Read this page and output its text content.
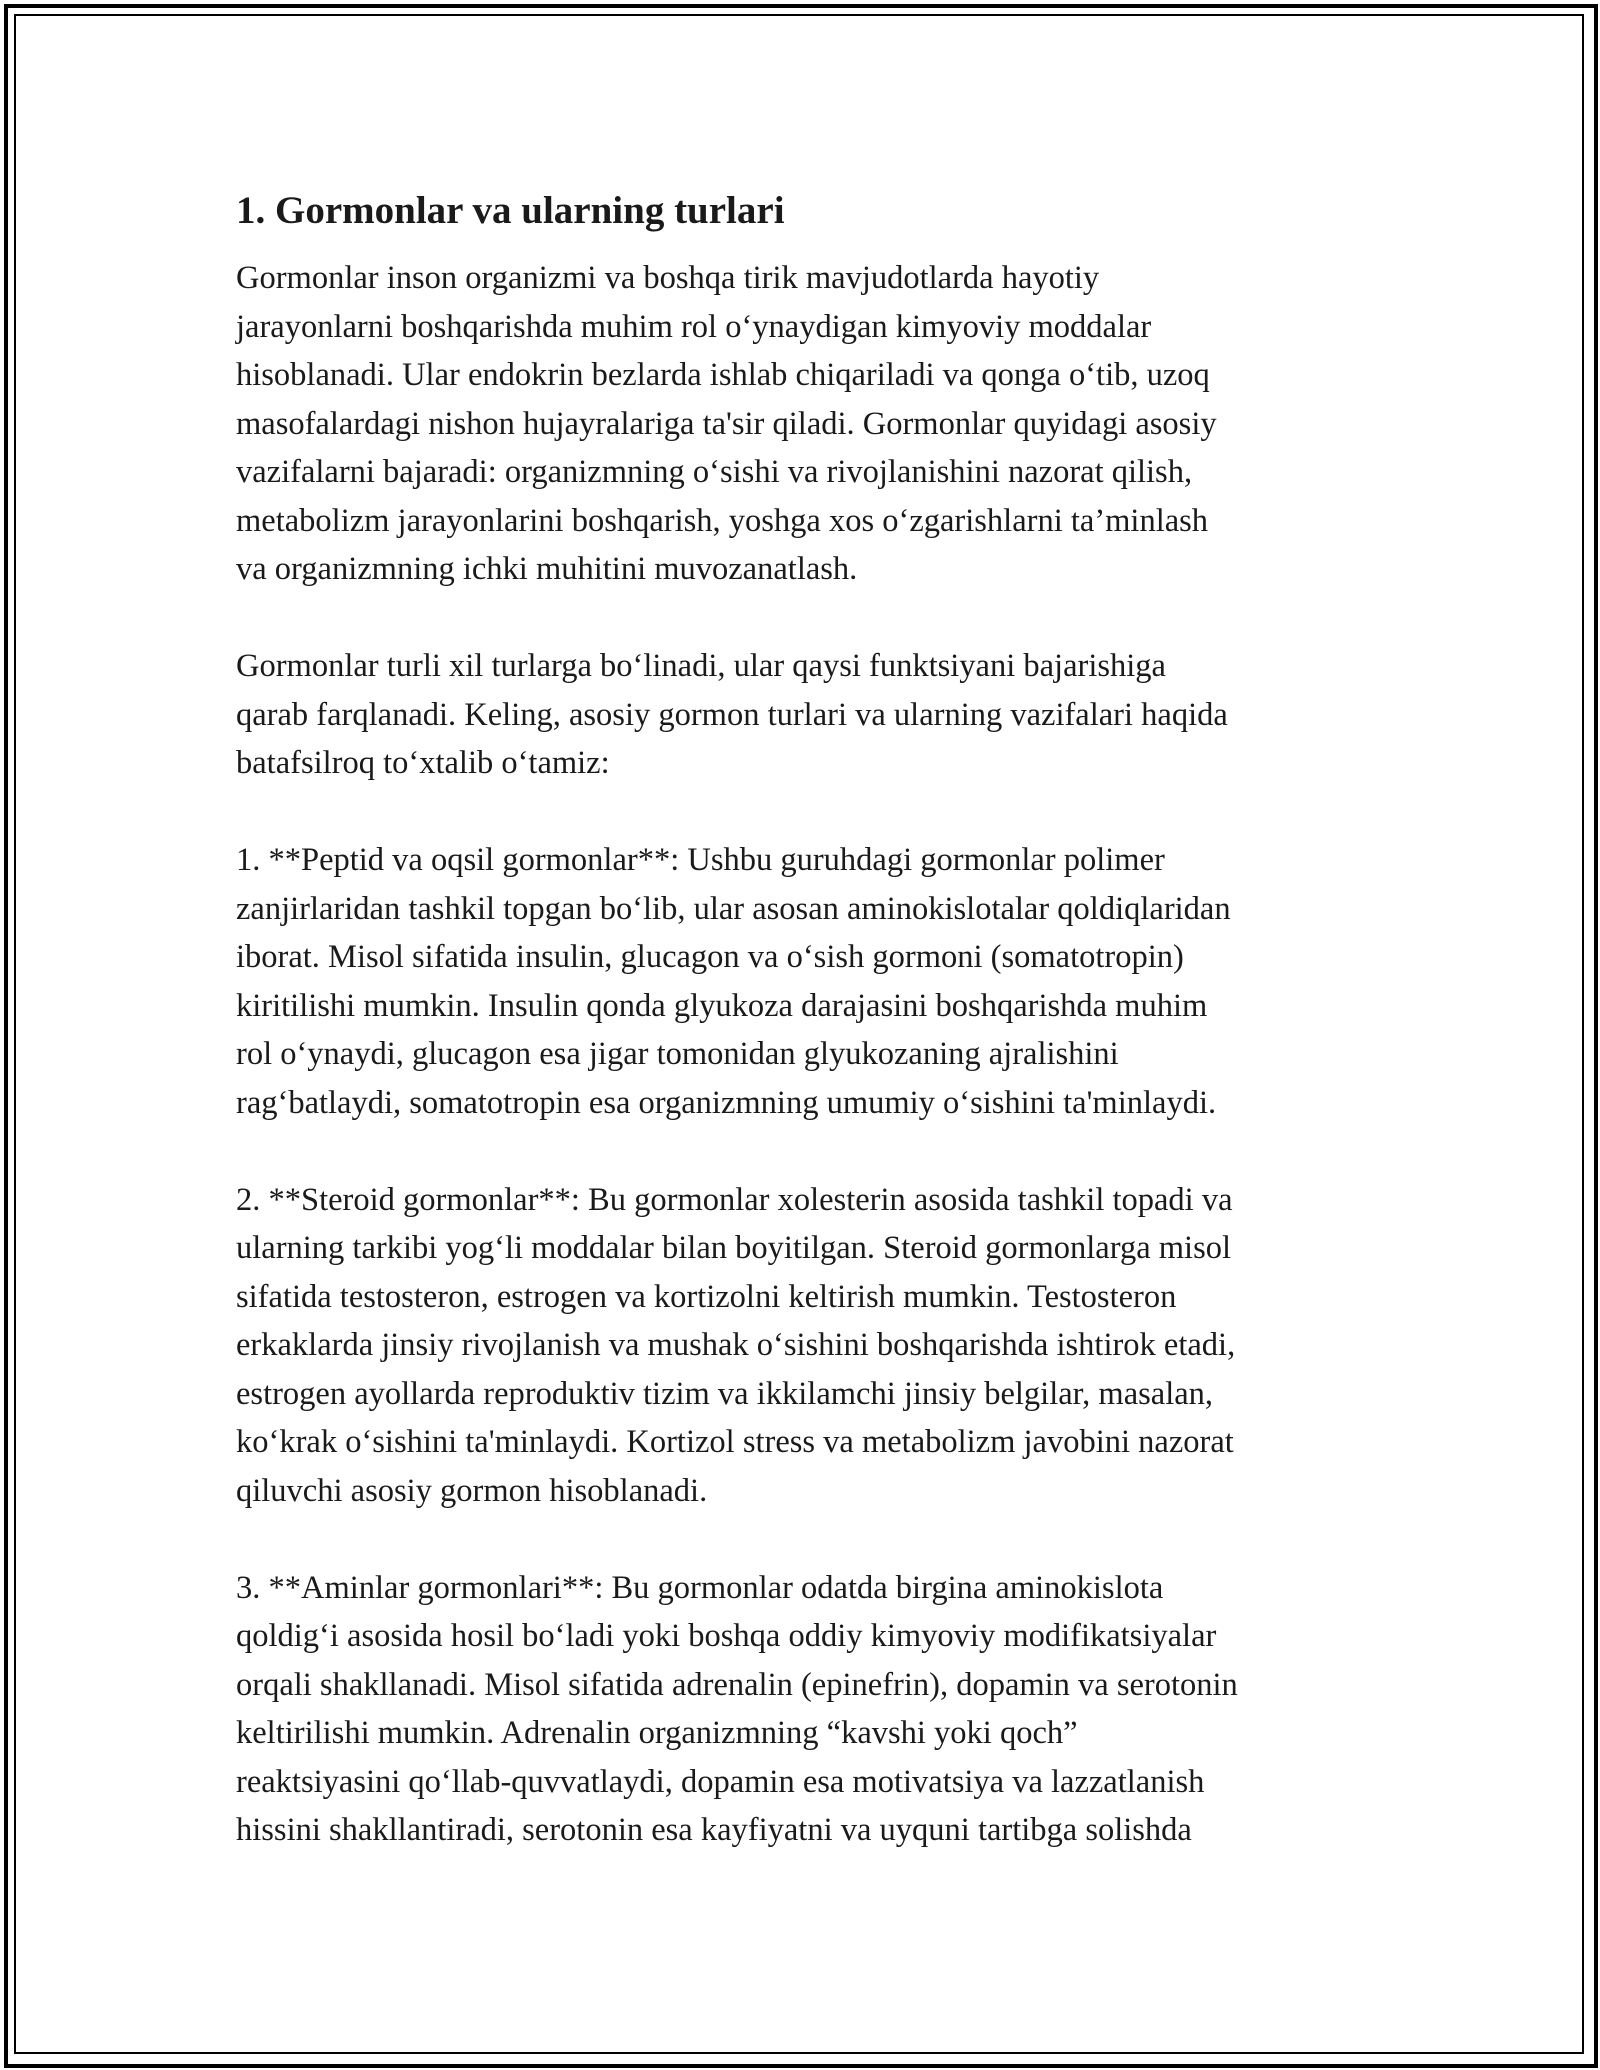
1. Gormonlar va ularning turlari

Gormonlar inson organizmi va boshqa tirik mavjudotlarda hayotiy
jarayonlarni boshqarishda muhim rol o‘ynaydigan kimyoviy moddalar
hisoblanadi. Ular endokrin bezlarda ishlab chiqariladi va qonga o‘tib, uzoq
masofalardagi nishon hujayralariga ta'sir qiladi. Gormonlar quyidagi asosiy
vazifalarni bajaradi: organizmning o‘sishi va rivojlanishini nazorat qilish,
metabolizm jarayonlarini boshqarish, yoshga xos o‘zgarishlarni ta’minlash
va organizmning ichki muhitini muvozanatlash.

Gormonlar turli xil turlarga bo‘linadi, ular qaysi funktsiyani bajarishiga
qarab farqlanadi. Keling, asosiy gormon turlari va ularning vazifalari haqida
batafsilroq to‘xtalib o‘tamiz:

1. **Peptid va oqsil gormonlar**: Ushbu guruhdagi gormonlar polimer
zanjirlaridan tashkil topgan bo‘lib, ular asosan aminokislotalar qoldiqlaridan
iborat. Misol sifatida insulin, glucagon va o‘sish gormoni (somatotropin)
kiritilishi mumkin. Insulin qonda glyukoza darajasini boshqarishda muhim
rol o‘ynaydi, glucagon esa jigar tomonidan glyukozaning ajralishini
rag‘batlaydi, somatotropin esa organizmning umumiy o‘sishini ta'minlaydi.

2. **Steroid gormonlar**: Bu gormonlar xolesterin asosida tashkil topadi va
ularning tarkibi yog‘li moddalar bilan boyitilgan. Steroid gormonlarga misol
sifatida testosteron, estrogen va kortizolni keltirish mumkin. Testosteron
erkaklarda jinsiy rivojlanish va mushak o‘sishini boshqarishda ishtirok etadi,
estrogen ayollarda reproduktiv tizim va ikkilamchi jinsiy belgilar, masalan,
ko‘krak o‘sishini ta'minlaydi. Kortizol stress va metabolizm javobini nazorat
qiluvchi asosiy gormon hisoblanadi.

3. **Aminlar gormonlari**: Bu gormonlar odatda birgina aminokislota
qoldig‘i asosida hosil bo‘ladi yoki boshqa oddiy kimyoviy modifikatsiyalar
orqali shakllanadi. Misol sifatida adrenalin (epinefrin), dopamin va serotonin
keltirilishi mumkin. Adrenalin organizmning “kavshi yoki qoch”
reaktsiyasini qo‘llab-quvvatlaydi, dopamin esa motivatsiya va lazzatlanish
hissini shakllantiradi, serotonin esa kayfiyatni va uyquni tartibga solishda
